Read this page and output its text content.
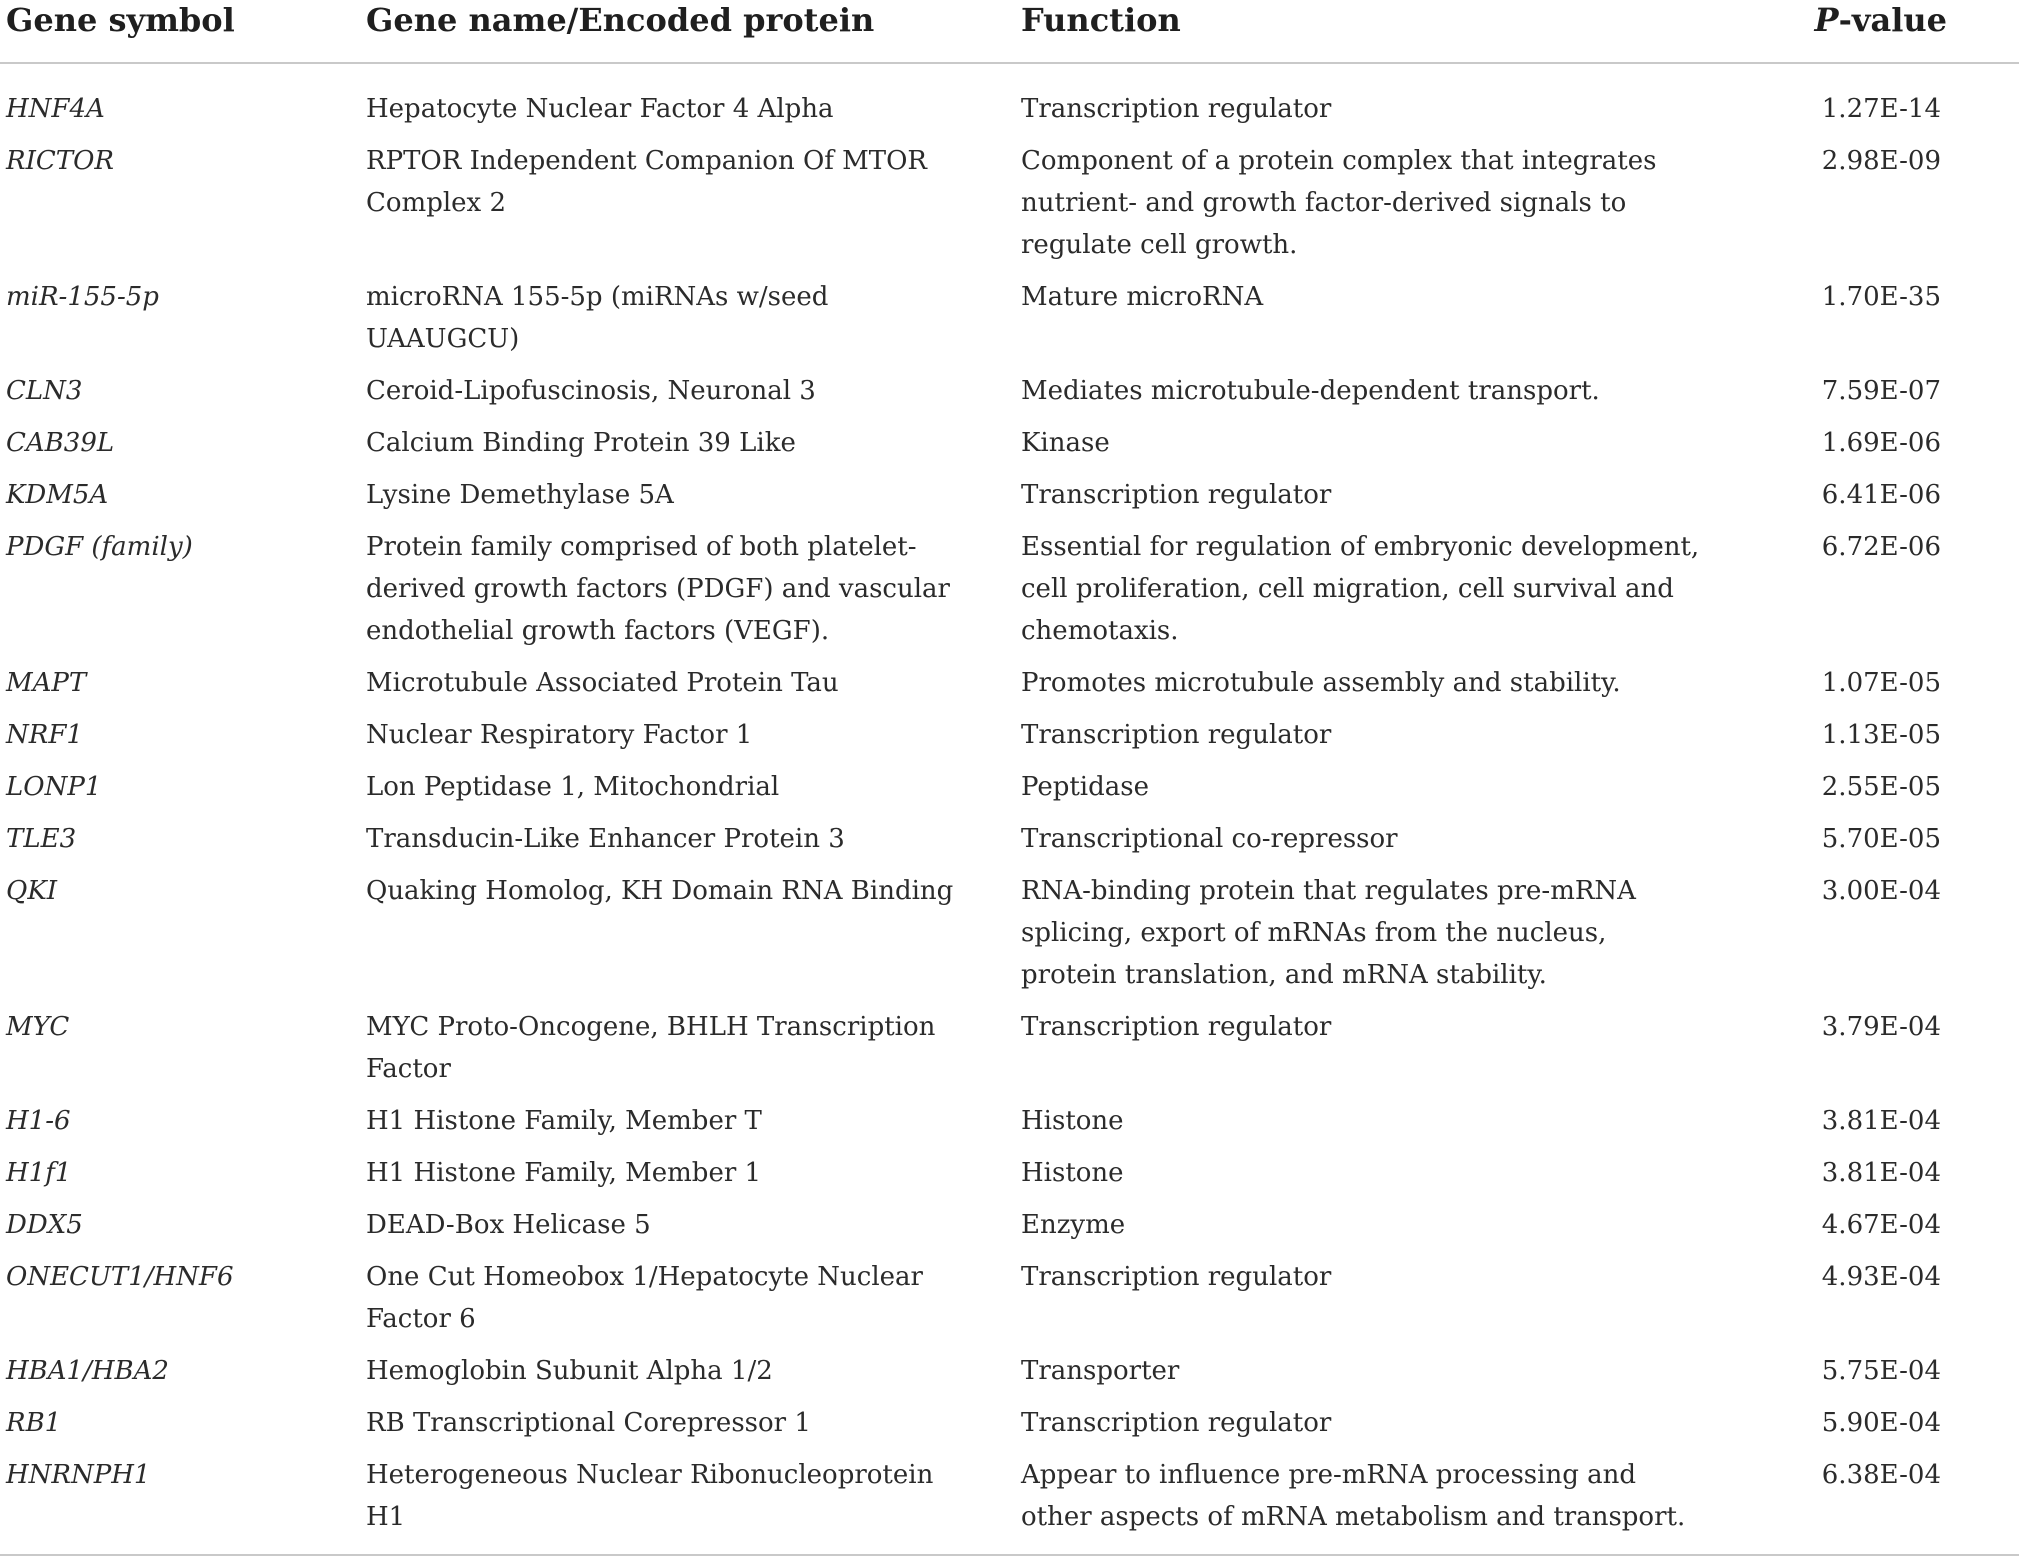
Gene symbol	Gene name/Encoded protein	Function	P-value
HNF4A	Hepatocyte Nuclear Factor 4 Alpha	Transcription regulator	1.27E-14
RICTOR	RPTOR Independent Companion Of MTOR Complex 2	Component of a protein complex that integrates nutrient- and growth factor-derived signals to regulate cell growth.	2.98E-09
miR-155-5p	microRNA 155-5p (miRNAs w/seed UAAUGCU)	Mature microRNA	1.70E-35
CLN3	Ceroid-Lipofuscinosis, Neuronal 3	Mediates microtubule-dependent transport.	7.59E-07
CAB39L	Calcium Binding Protein 39 Like	Kinase	1.69E-06
KDM5A	Lysine Demethylase 5A	Transcription regulator	6.41E-06
PDGF (family)	Protein family comprised of both platelet-derived growth factors (PDGF) and vascular endothelial growth factors (VEGF).	Essential for regulation of embryonic development, cell proliferation, cell migration, cell survival and chemotaxis.	6.72E-06
MAPT	Microtubule Associated Protein Tau	Promotes microtubule assembly and stability.	1.07E-05
NRF1	Nuclear Respiratory Factor 1	Transcription regulator	1.13E-05
LONP1	Lon Peptidase 1, Mitochondrial	Peptidase	2.55E-05
TLE3	Transducin-Like Enhancer Protein 3	Transcriptional co-repressor	5.70E-05
QKI	Quaking Homolog, KH Domain RNA Binding	RNA-binding protein that regulates pre-mRNA splicing, export of mRNAs from the nucleus, protein translation, and mRNA stability.	3.00E-04
MYC	MYC Proto-Oncogene, BHLH Transcription Factor	Transcription regulator	3.79E-04
H1-6	H1 Histone Family, Member T	Histone	3.81E-04
H1f1	H1 Histone Family, Member 1	Histone	3.81E-04
DDX5	DEAD-Box Helicase 5	Enzyme	4.67E-04
ONECUT1/HNF6	One Cut Homeobox 1/Hepatocyte Nuclear Factor 6	Transcription regulator	4.93E-04
HBA1/HBA2	Hemoglobin Subunit Alpha 1/2	Transporter	5.75E-04
RB1	RB Transcriptional Corepressor 1	Transcription regulator	5.90E-04
HNRNPH1	Heterogeneous Nuclear Ribonucleoprotein H1	Appear to influence pre-mRNA processing and other aspects of mRNA metabolism and transport.	6.38E-04
